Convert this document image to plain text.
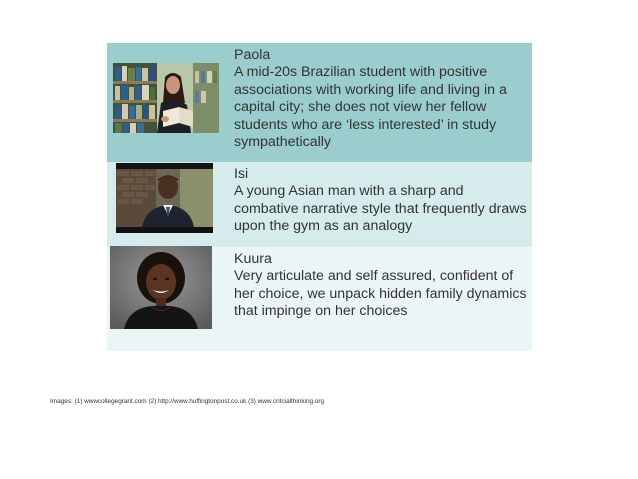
Paola
A mid-20s Brazilian student with positive associations with working life and living in a capital city; she does not view her fellow students who are ‘less interested’ in study sympathetically
Isi
A young Asian man with a sharp and combative narrative style that frequently draws upon the gym as an analogy
Kuura
Very articulate and self assured, confident of her choice, we unpack hidden family dynamics that impinge on her choices
Images: (1) wwwcollegegrant.com (2) http://www.huffingtonpost.co.uk (3) www.critcialthinking.org
